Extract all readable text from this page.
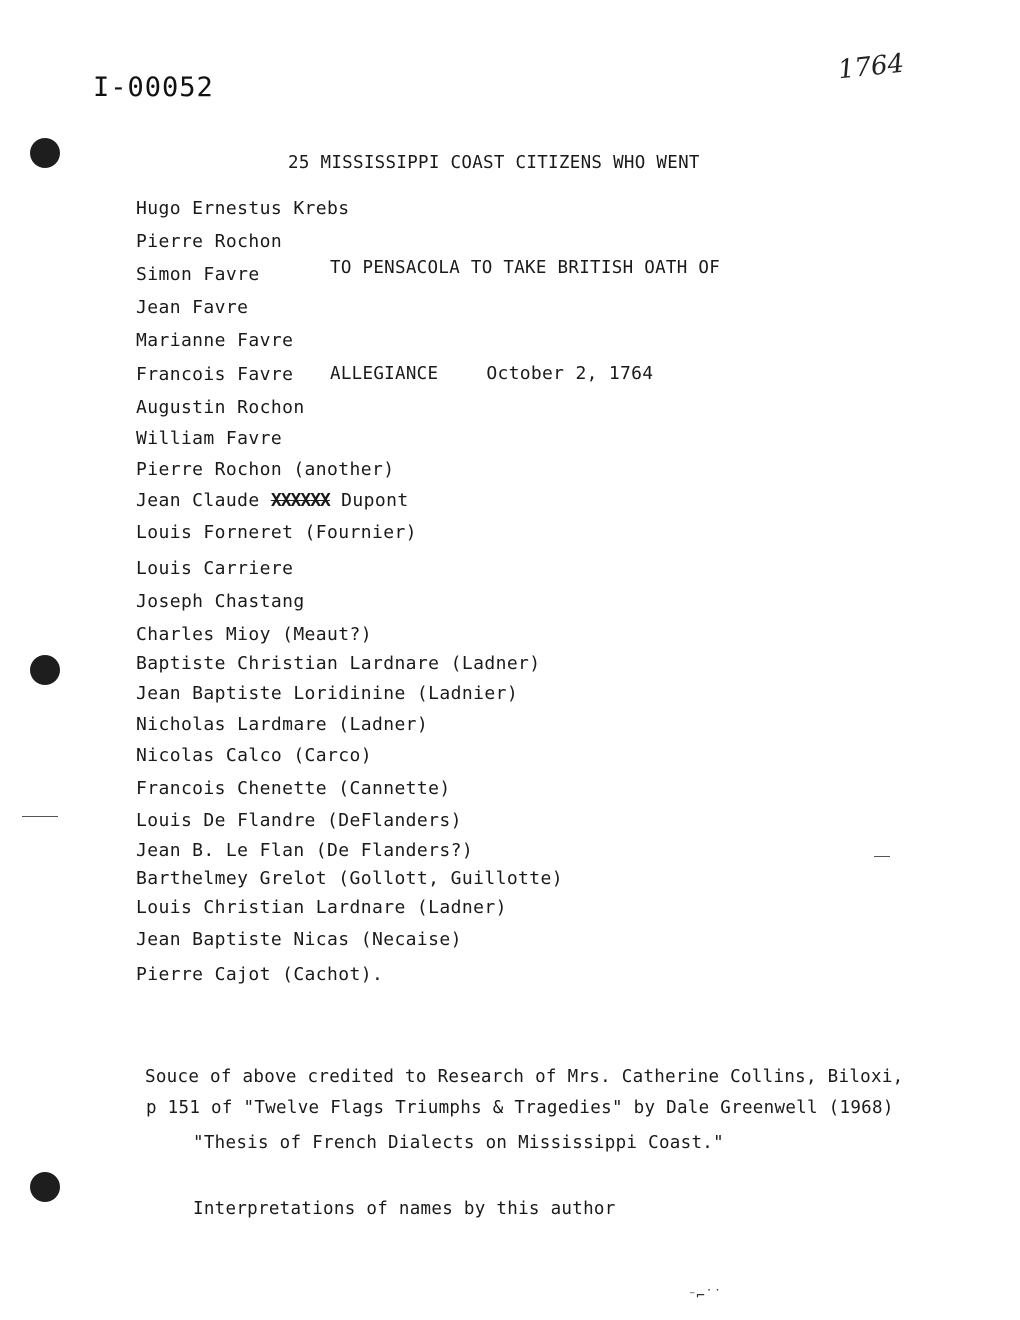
I-00052
1764

25 MISSISSIPPI COAST CITIZENS WHO WENT

TO PENSACOLA TO TAKE BRITISH OATH OF

ALLEGIANCE	October 2, 1764

Hugo Ernestus Krebs
Pierre Rochon
Simon Favre
Jean Favre
Marianne Favre
Francois Favre
Augustin Rochon
William Favre
Pierre Rochon (another)
Jean Claude XXXXXX Dupont
Louis Forneret (Fournier)
Louis Carriere
Joseph Chastang
Charles Mioy (Meaut?)
Baptiste Christian Lardnare (Ladner)
Jean Baptiste Loridinine (Ladnier)
Nicholas Lardmare (Ladner)
Nicolas Calco (Carco)
Francois Chenette (Cannette)
Louis De Flandre (DeFlanders)
Jean B. Le Flan (De Flanders?)
Barthelmey Grelot (Gollott, Guillotte)
Louis Christian Lardnare (Ladner)
Jean Baptiste Nicas (Necaise)
Pierre Cajot (Cachot).

Souce of above credited to Research of Mrs. Catherine Collins, Biloxi,

"Thesis of French Dialects on Mississippi Coast."

Interpretations of names by this author

p 151 of "Twelve Flags Triumphs & Tragedies" by Dale Greenwell (1968)
⁻⌐˙˙
